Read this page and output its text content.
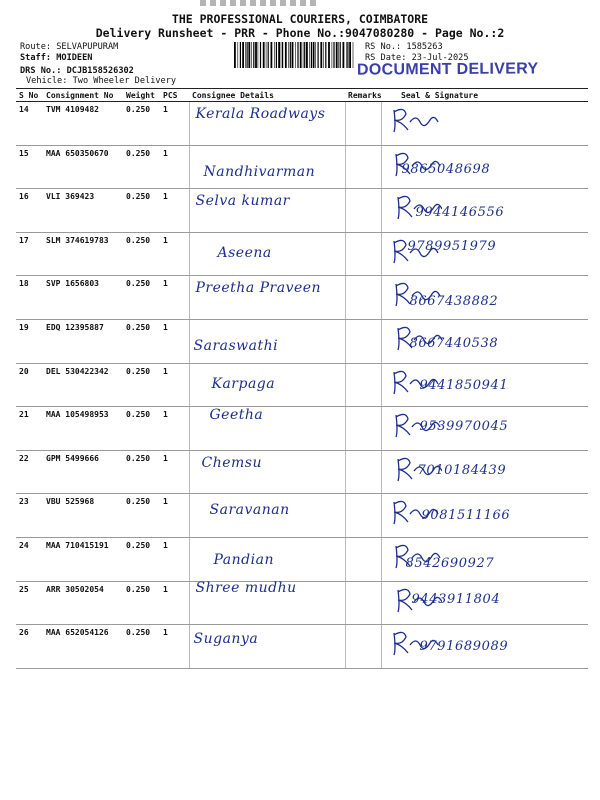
THE PROFESSIONAL COURIERS, COIMBATORE
Delivery Runsheet - PRR - Phone No.:9047080280 - Page No.:2
Route: SELVAPUPURAM
Staff: MOIDEEN
DRS No.: DCJB158526302
Vehicle: Two Wheeler Delivery
RS No.: 1585263
RS Date: 23-Jul-2025
DOCUMENT DELIVERY
S No	Consignment No	Weight	PCS	Consignee Details	Remarks	Seal & Signature
14	TVM 4109482	0.250	1	Kerala Roadways

15	MAA 650350670	0.250	1	Nandhivarman		9865048698

16	VLI 369423	0.250	1	Selva kumar		9944146556

17	SLM 374619783	0.250	1	Aseena		9789951979

18	SVP 1656803	0.250	1	Preetha Praveen		8667438882

19	EDQ 12395887	0.250	1	Saraswathi		8667440538

20	DEL 530422342	0.250	1	Karpaga		9441850941

21	MAA 105498953	0.250	1	Geetha		9539970045

22	GPM 5499666	0.250	1	Chemsu		7010184439

23	VBU 525968	0.250	1	Saravanan		9081511166

24	MAA 710415191	0.250	1	Pandian		8542690927

25	ARR 30502054	0.250	1	Shree mudhu		9443911804

26	MAA 652054126	0.250	1	Suganya		9791689089
